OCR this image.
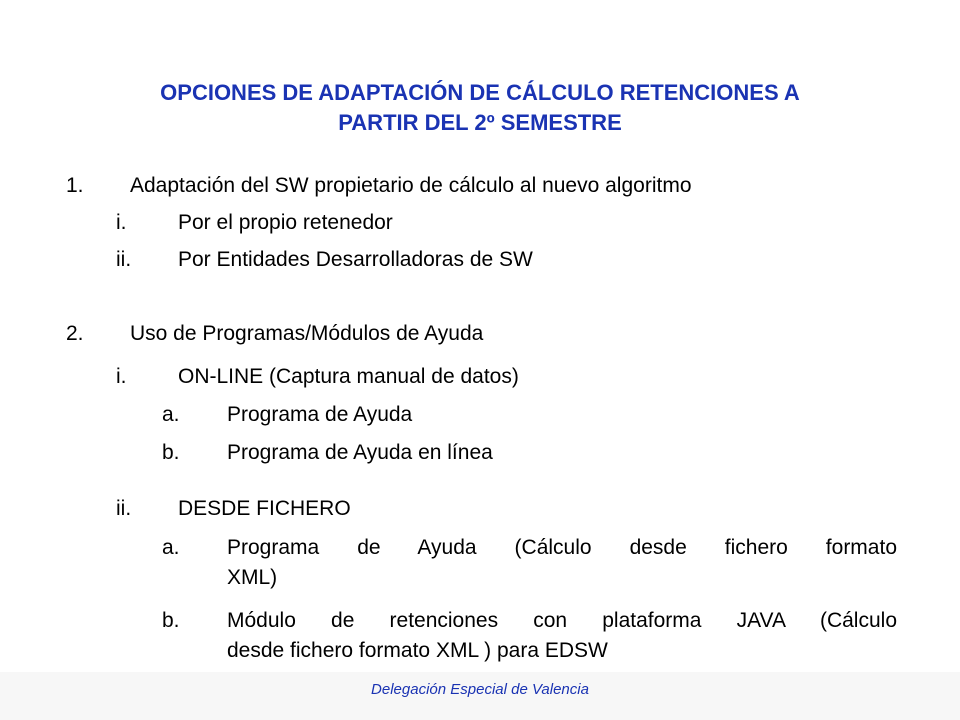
OPCIONES DE ADAPTACIÓN DE CÁLCULO RETENCIONES A
PARTIR DEL 2º SEMESTRE
1. Adaptación del SW propietario de cálculo al nuevo algoritmo
i. Por el propio retenedor
ii. Por Entidades Desarrolladoras de SW
2. Uso de Programas/Módulos de Ayuda
i. ON-LINE (Captura manual de datos)
a. Programa de Ayuda
b. Programa de Ayuda en línea
ii. DESDE FICHERO
a. Programa de Ayuda (Cálculo desde fichero formato
XML)
b. Módulo de retenciones con plataforma JAVA (Cálculo
desde fichero formato XML ) para EDSW
Delegación Especial de Valencia
